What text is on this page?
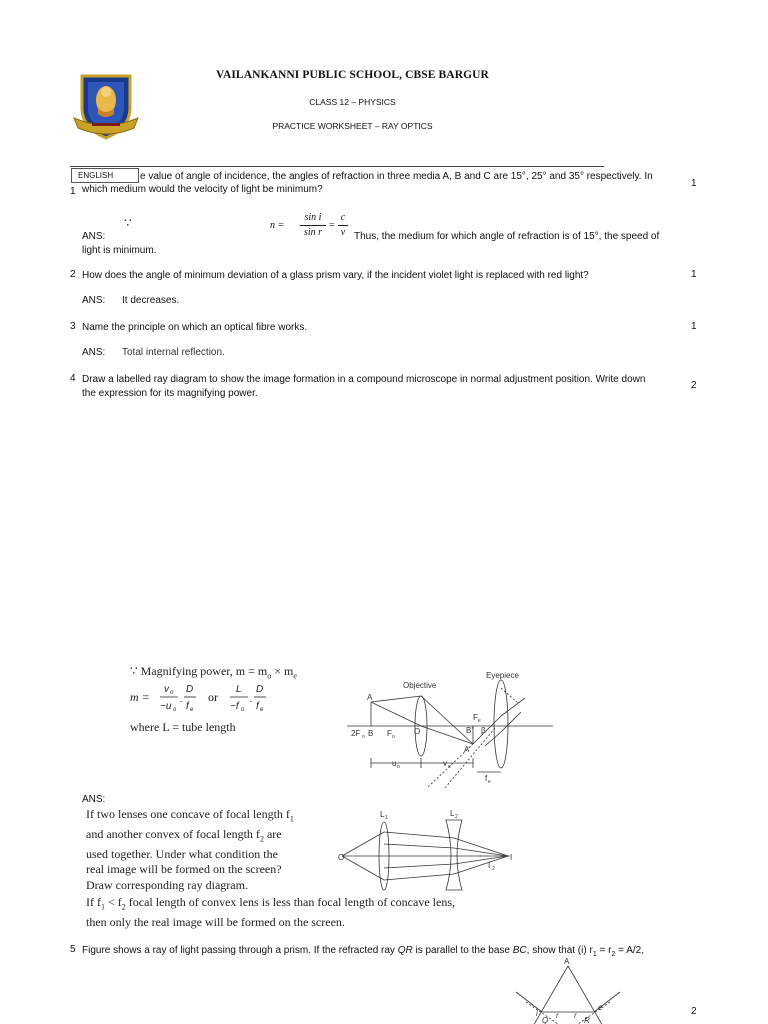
VAILANKANNI PUBLIC SCHOOL, CBSE BARGUR
CLASS 12 – PHYSICS
PRACTICE WORKSHEET – RAY OPTICS
ENGLISH	e value of angle of incidence, the angles of refraction in three media A, B and C are 15°, 25° and 35° respectively. In
1 which medium would the velocity of light be minimum?
1
∵
ANS:
n =
sin i
sin r
=
c
v Thus, the medium for which angle of refraction is of 15°, the speed of
light is minimum.
2 How does the angle of minimum deviation of a glass prism vary, if the incident violet light is replaced with red light?	1
ANS: It decreases.
3 Name the principle on which an optical fibre works.	1
ANS: Total internal reflection.
4 Draw a labelled ray diagram to show the image formation in a compound microscope in normal adjustment position. Write down
the expression for its magnifying power.
2
∵ Magnifying power, $m = m_o \times m_e$
m =
v o
−u o
.
D
f e
L
−f o
.
D
f e
or
where L = tube length
Objective
Eyepiece
A
2F o B F o
O
F e
B' β
A'
u o	v o
f e
ANS:
If two lenses one concave of focal length $f_1$
and another convex of focal length $f_2$ are
used together. Under what condition the
real image will be formed on the screen?
Draw corresponding ray diagram.
L 1	L 2
O	I
I 2
If $f_1 < f_2$ focal length of convex lens is less than focal length of concave lens,
then only the real image will be formed on the screen.
5 Figure shows a ray of light passing through a prism. If the refracted ray QR is parallel to the base BC, show that (i) $r_1 = r_2 = A/2$,
2
A
i
Q
r r
R
e
